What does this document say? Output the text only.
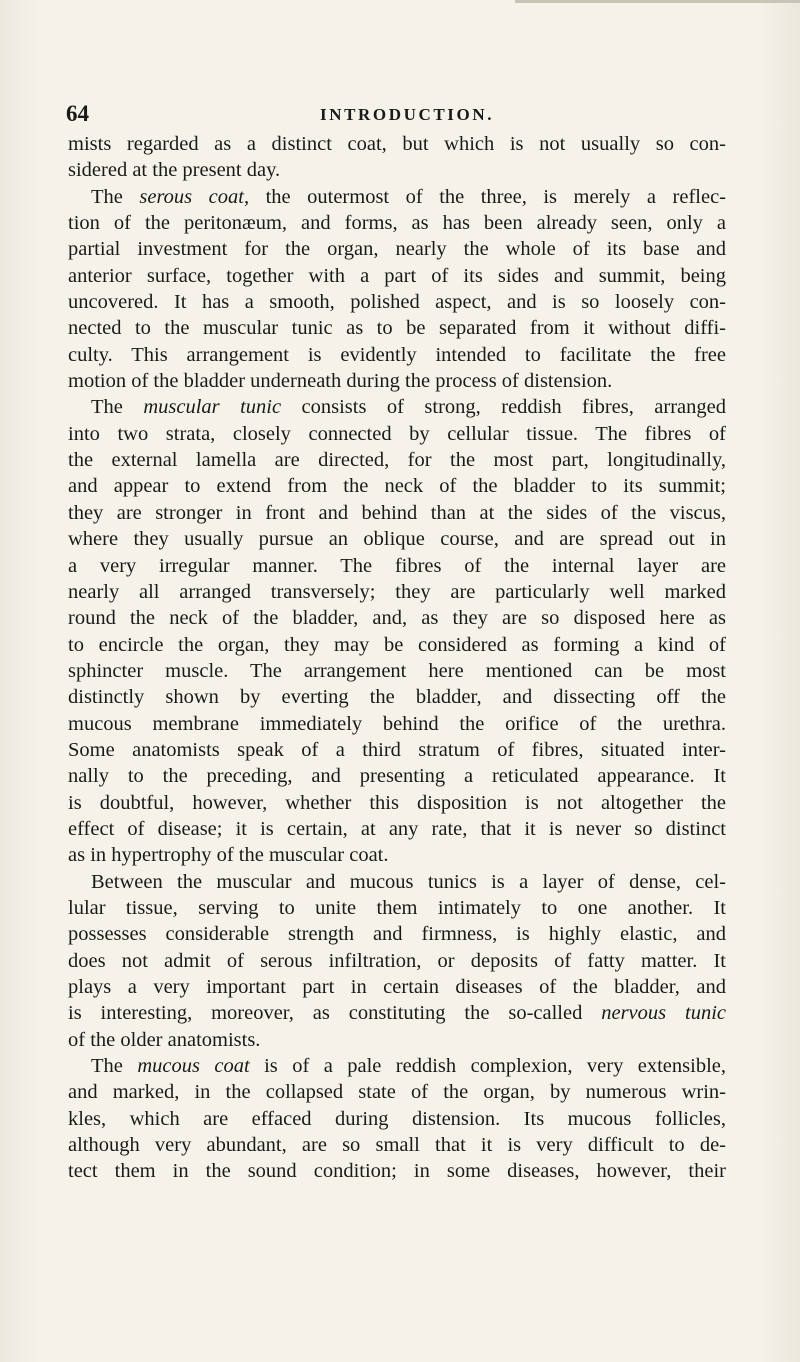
64	INTRODUCTION.
mists regarded as a distinct coat, but which is not usually so con-
sidered at the present day.
The serous coat, the outermost of the three, is merely a reflec-
tion of the peritonæum, and forms, as has been already seen, only a
partial investment for the organ, nearly the whole of its base and
anterior surface, together with a part of its sides and summit, being
uncovered. It has a smooth, polished aspect, and is so loosely con-
nected to the muscular tunic as to be separated from it without diffi-
culty. This arrangement is evidently intended to facilitate the free
motion of the bladder underneath during the process of distension.
The muscular tunic consists of strong, reddish fibres, arranged
into two strata, closely connected by cellular tissue. The fibres of
the external lamella are directed, for the most part, longitudinally,
and appear to extend from the neck of the bladder to its summit;
they are stronger in front and behind than at the sides of the viscus,
where they usually pursue an oblique course, and are spread out in
a very irregular manner. The fibres of the internal layer are
nearly all arranged transversely; they are particularly well marked
round the neck of the bladder, and, as they are so disposed here as
to encircle the organ, they may be considered as forming a kind of
sphincter muscle. The arrangement here mentioned can be most
distinctly shown by everting the bladder, and dissecting off the
mucous membrane immediately behind the orifice of the urethra.
Some anatomists speak of a third stratum of fibres, situated inter-
nally to the preceding, and presenting a reticulated appearance. It
is doubtful, however, whether this disposition is not altogether the
effect of disease; it is certain, at any rate, that it is never so distinct
as in hypertrophy of the muscular coat.
Between the muscular and mucous tunics is a layer of dense, cel-
lular tissue, serving to unite them intimately to one another. It
possesses considerable strength and firmness, is highly elastic, and
does not admit of serous infiltration, or deposits of fatty matter. It
plays a very important part in certain diseases of the bladder, and
is interesting, moreover, as constituting the so-called nervous tunic
of the older anatomists.
The mucous coat is of a pale reddish complexion, very extensible,
and marked, in the collapsed state of the organ, by numerous wrin-
kles, which are effaced during distension. Its mucous follicles,
although very abundant, are so small that it is very difficult to de-
tect them in the sound condition; in some diseases, however, their
